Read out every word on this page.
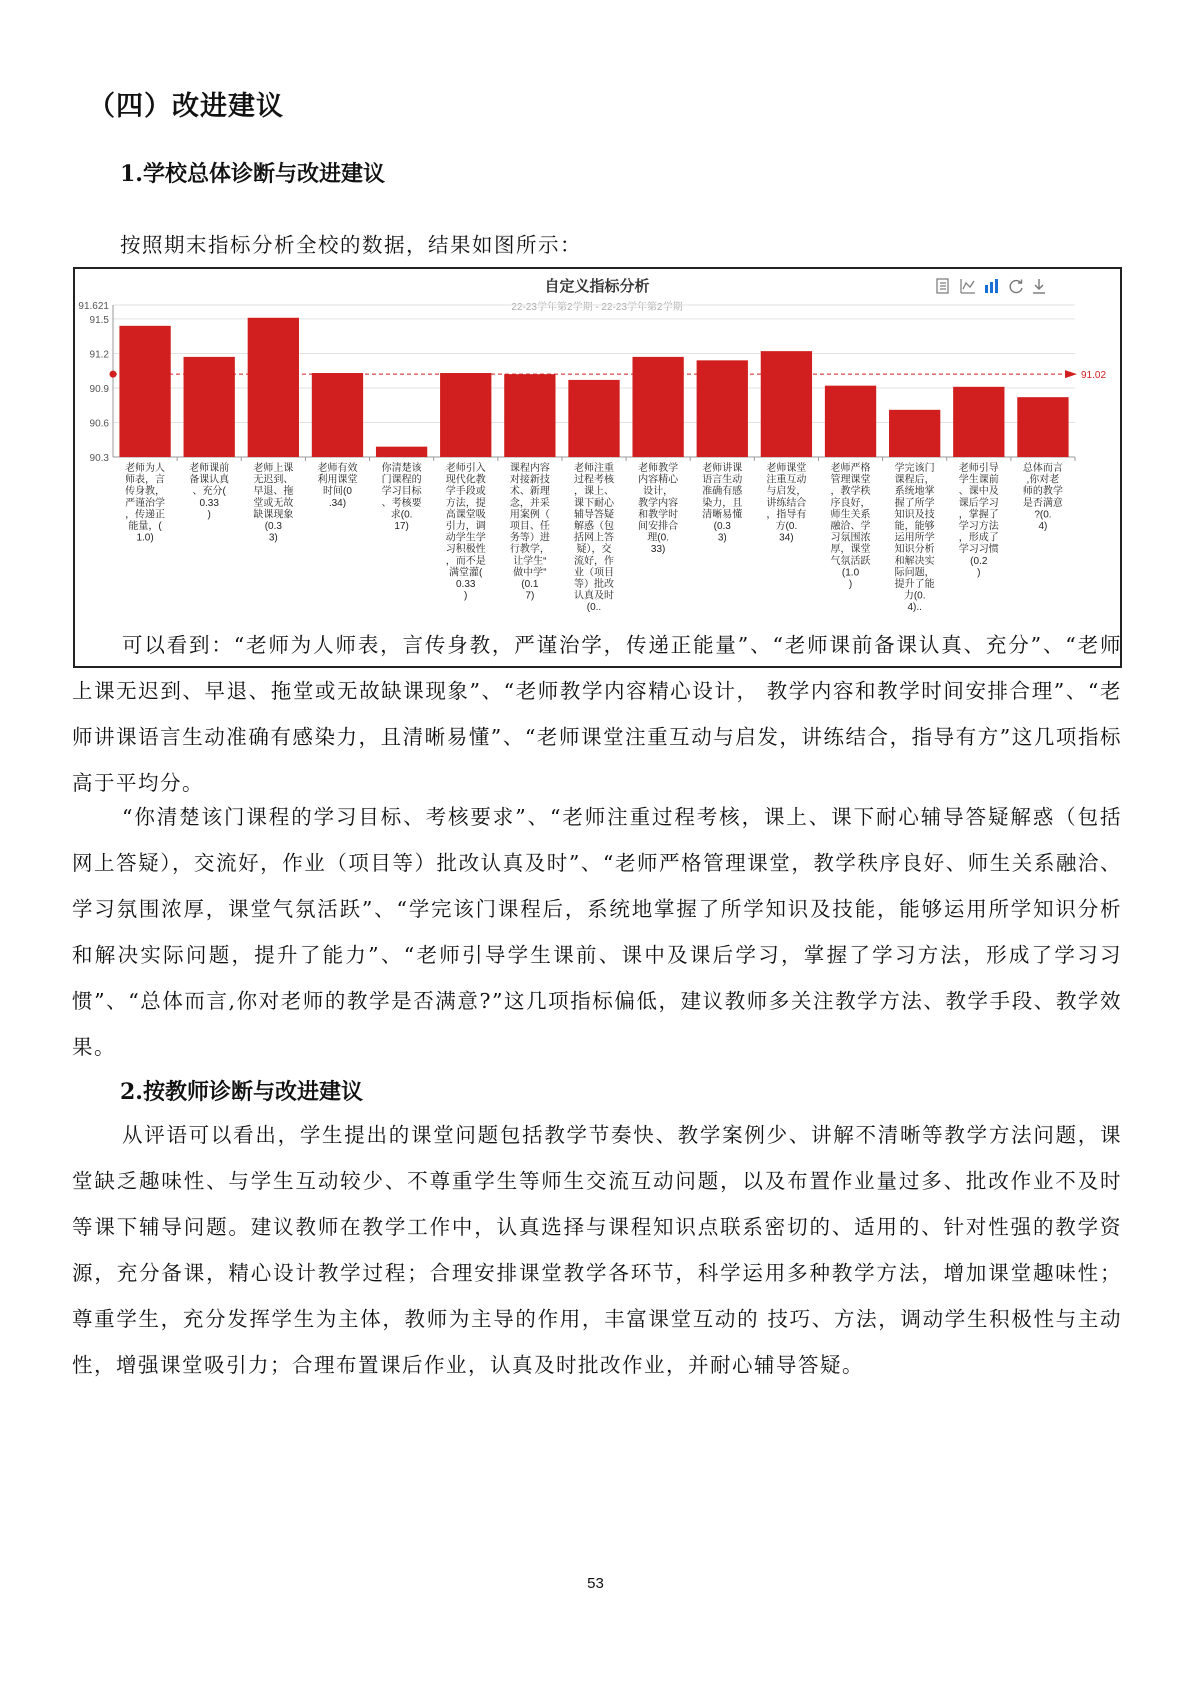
（四）改进建议
1.学校总体诊断与改进建议
按照期末指标分析全校的数据，结果如图所示：
自定义指标分析
22-23学年第2学期 - 22-23学年第2学期
91.621
91.5
91.2
90.9
90.6
90.3
91.02
老师为人师表，言传身教，严谨治学，传递正能量，( 1.0)
老师课前备课认真、充分( 0.33 )
老师上课无迟到、早退、拖堂或无故缺课现象(0.3 3)
老师有效利用课堂时间(0 .34)
你清楚该门课程的学习目标、考核要求(0. 17)
老师引入现代化教学手段或方法，提高课堂吸引力，调动学生学习积极性，而不是满堂灌( 0.33 )
课程内容对接新技术、新理念，并采用案例（项目、任务等）进行教学，让学生“做中学” (0.1 7)
老师注重过程考核，课上、课下耐心辅导答疑解惑（包括网上答疑），交流好，作业（项目等）批改认真及时(0..
老师教学内容精心设计，教学内容和教学时间安排合理(0. 33)
老师讲课语言生动准确有感染力，且清晰易懂(0.3 3)
老师课堂注重互动与启发，讲练结合，指导有方(0. 34)
老师严格管理课堂，教学秩序良好，师生关系融洽、学习氛围浓厚，课堂气氛活跃(1.0 )
学完该门课程后，系统地掌握了所学知识及技能，能够运用所学知识分析和解决实际问题，提升了能力(0. 4)..
老师引导学生课前、课中及课后学习，掌握了学习方法，形成了学习习惯(0.2 )
总体而言,你对老师的教学是否满意?(0. 4)

可以看到：“老师为人师表，言传身教，严谨治学，传递正能量”、“老师课前备课认真、充分”、“老师上课无迟到、早退、拖堂或无故缺课现象”、“老师教学内容精心设计， 教学内容和教学时间安排合理”、“老师讲课语言生动准确有感染力，且清晰易懂”、“老师课堂注重互动与启发，讲练结合，指导有方”这几项指标高于平均分。

“你清楚该门课程的学习目标、考核要求”、“老师注重过程考核，课上、课下耐心辅导答疑解惑（包括网上答疑），交流好，作业（项目等）批改认真及时”、“老师严格管理课堂，教学秩序良好、师生关系融洽、学习氛围浓厚，课堂气氛活跃”、“学完该门课程后，系统地掌握了所学知识及技能，能够运用所学知识分析和解决实际问题，提升了能力”、“老师引导学生课前、课中及课后学习，掌握了学习方法，形成了学习习惯”、“总体而言,你对老师的教学是否满意?”这几项指标偏低，建议教师多关注教学方法、教学手段、教学效果。

2.按教师诊断与改进建议

从评语可以看出，学生提出的课堂问题包括教学节奏快、教学案例少、讲解不清晰等教学方法问题，课堂缺乏趣味性、与学生互动较少、不尊重学生等师生交流互动问题，以及布置作业量过多、批改作业不及时等课下辅导问题。建议教师在教学工作中，认真选择与课程知识点联系密切的、适用的、针对性强的教学资源，充分备课，精心设计教学过程；合理安排课堂教学各环节，科学运用多种教学方法，增加课堂趣味性；尊重学生，充分发挥学生为主体，教师为主导的作用，丰富课堂互动的 技巧、方法，调动学生积极性与主动性，增强课堂吸引力；合理布置课后作业，认真及时批改作业，并耐心辅导答疑。

53
